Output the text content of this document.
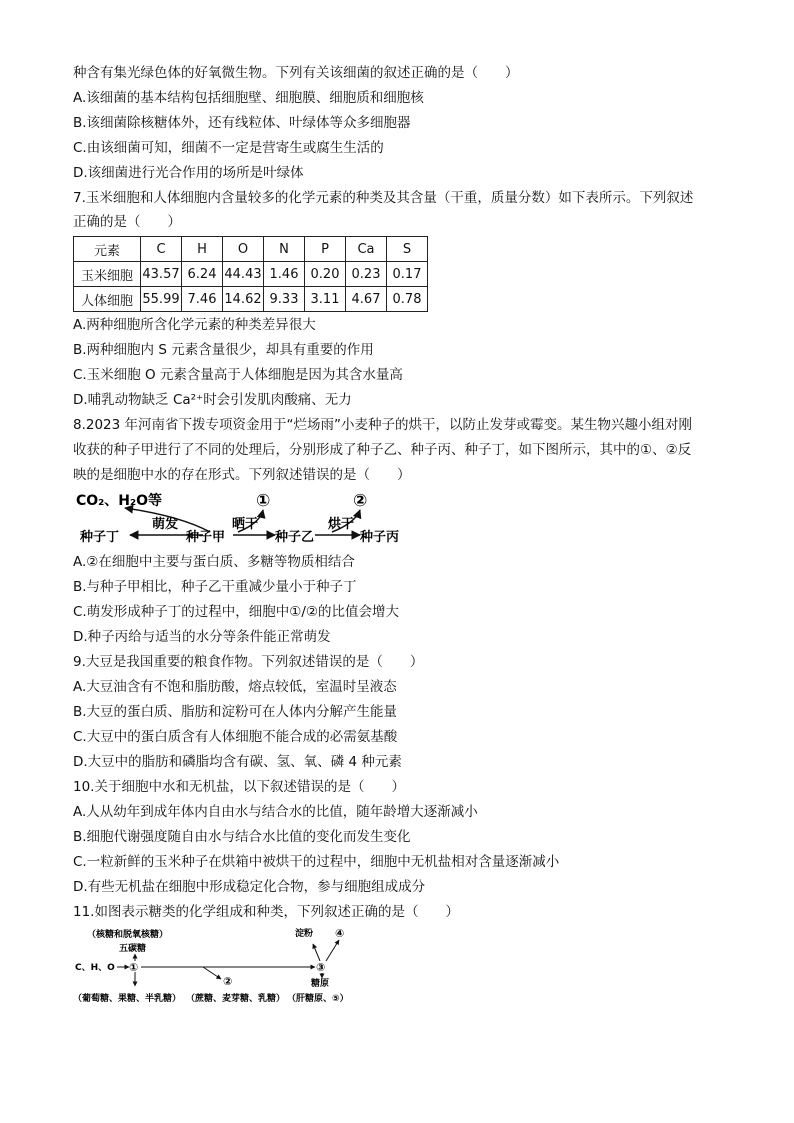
种含有集光绿色体的好氧微生物。下列有关该细菌的叙述正确的是（　　）
A.该细菌的基本结构包括细胞壁、细胞膜、细胞质和细胞核
B.该细菌除核糖体外，还有线粒体、叶绿体等众多细胞器
C.由该细菌可知，细菌不一定是营寄生或腐生生活的
D.该细菌进行光合作用的场所是叶绿体
7.玉米细胞和人体细胞内含量较多的化学元素的种类及其含量（干重，质量分数）如下表所示。下列叙述
正确的是（　　）
元素	C	H	O	N	P	Ca	S
玉米细胞	43.57	6.24	44.43	1.46	0.20	0.23	0.17
人体细胞	55.99	7.46	14.62	9.33	3.11	4.67	0.78
A.两种细胞所含化学元素的种类差异很大
B.两种细胞内 S 元素含量很少，却具有重要的作用
C.玉米细胞 O 元素含量高于人体细胞是因为其含水量高
D.哺乳动物缺乏 Ca²⁺时会引发肌肉酸痛、无力
8.2023 年河南省下拨专项资金用于“烂场雨”小麦种子的烘干，以防止发芽或霉变。某生物兴趣小组对刚
收获的种子甲进行了不同的处理后，分别形成了种子乙、种子丙、种子丁，如下图所示，其中的①、②反
映的是细胞中水的存在形式。下列叙述错误的是（　　）
CO₂、H₂O等	①	②
萌发	晒干	烘干
种子丁	种子甲	种子乙	种子丙
A.②在细胞中主要与蛋白质、多糖等物质相结合
B.与种子甲相比，种子乙干重减少量小于种子丁
C.萌发形成种子丁的过程中，细胞中①/②的比值会增大
D.种子丙给与适当的水分等条件能正常萌发
9.大豆是我国重要的粮食作物。下列叙述错误的是（　　）
A.大豆油含有不饱和脂肪酸，熔点较低，室温时呈液态
B.大豆的蛋白质、脂肪和淀粉可在人体内分解产生能量
C.大豆中的蛋白质含有人体细胞不能合成的必需氨基酸
D.大豆中的脂肪和磷脂均含有碳、氢、氧、磷 4 种元素
10.关于细胞中水和无机盐，以下叙述错误的是（　　）
A.人从幼年到成年体内自由水与结合水的比值，随年龄增大逐渐减小
B.细胞代谢强度随自由水与结合水比值的变化而发生变化
C.一粒新鲜的玉米种子在烘箱中被烘干的过程中，细胞中无机盐相对含量逐渐减小
D.有些无机盐在细胞中形成稳定化合物，参与细胞组成成分
11.如图表示糖类的化学组成和种类，下列叙述正确的是（　　）
（核糖和脱氧核糖）
五碳糖
C、H、O ①
②
③
淀粉 ④
糖原
（葡萄糖、果糖、半乳糖） （蔗糖、麦芽糖、乳糖） （肝糖原、⑤）
